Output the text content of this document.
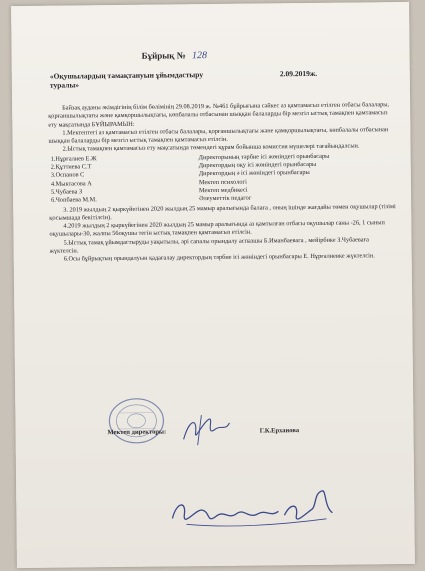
Бұйрық № 128
«Оқушылардың тамақтануын ұйымдастыру туралы»
2.09.2019ж.

Байзақ ауданы әкімдігінің білім бөлімінің 29.08.2019 ж. №461 бұйрығына сәйкес аз қамтамасыз етілген отбасы балалары, қорғаншылықтағы және қамқоршылықтағы, көпбалалы отбасынан шыққан балаларды бір мезгіл ыстық тамақпен қамтамасыз ету мақсатында БҰЙЫРАМЫН:

1.Мектептегі аз қамтамасыз етілген отбасы балалары, қорғаншылықтағы және қамқоршылықтағы, көпбалалы отбасынан шыққан балаларды бір мезгіл ыстық тамақпен қамтамасыз етілсін.

2.Ыстық тамақпен қамтамасыз ету мақсатында төмендегі құрам бойынша комиссия мүшелері тағайындалсын.

1.Нұрғалиев Е.Ж	Директорының тәрбие ісі жөніндегі орынбасары
2.Құттиева С.Т	Директордың оқу ісі жөніндегі орынбасары
3.Оспанов С	Директордың ә ісі жөніндегі орынбасары
4.Мыктасова А	Мектеп психологі
5.Чубаева З	Мектеп медбикесі
6.Чопбаева М.М.	Әлеуметтік педагог

3. 2019 жылдың 2 қыркүйегінен 2020 жылдың 25 мамыр аралығында балаға , оның ішінде жағдайы төмен оқушылар (тізімі қосымшада бекітілсін).

4.2019 жылдың 2 қыркүйегінен 2020 жылдың 25 мамыр аралығында аз қамтылған отбасы оқушылар саны -26, 1 сынып оқушылары-30, жалпы 56оқушы тегін ыстық тамақпен қамтамасыз етілсін.

5.Ыстық тамақ ұйымдастыруды уақытылы, әрі сапалы орындалу аспазшы Б.Иманбаевага , мейірбике З.Чубаеваға жүктелсін.

6.Осы бұйрықтың орындалуын қадағалау директордың тәрбие ісі жөніндегі орынбасары Е. Нұрғалиевке жүктелсін.

Мектеп директоры:	Г.К.Ерханова
